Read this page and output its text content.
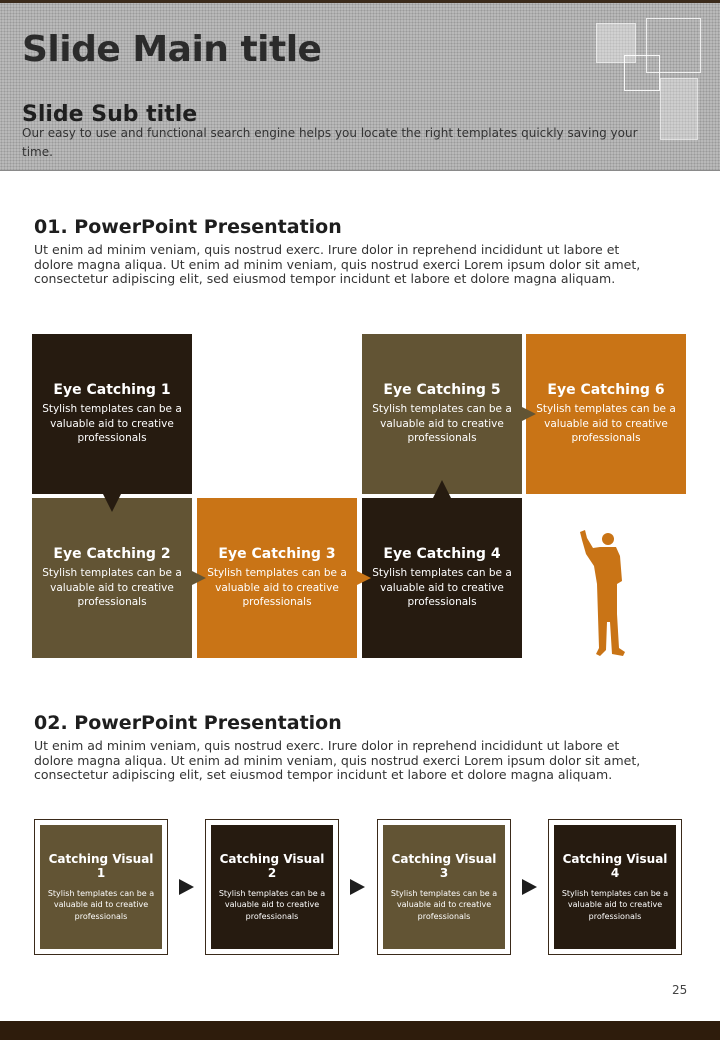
Slide Main title
Slide Sub title
Our easy to use and functional search engine helps you locate the right templates quickly saving your time.
01. PowerPoint Presentation
Ut enim ad minim veniam, quis nostrud exerc. Irure dolor in reprehend incididunt ut labore et dolore magna aliqua. Ut enim ad minim veniam, quis nostrud exerci Lorem ipsum dolor sit amet, consectetur adipiscing elit, sed eiusmod tempor incidunt et labore et dolore magna aliquam.
Eye Catching 1
Stylish templates can be a valuable aid to creative professionals
Eye Catching 2
Stylish templates can be a valuable aid to creative professionals
Eye Catching 3
Stylish templates can be a valuable aid to creative professionals
Eye Catching 4
Stylish templates can be a valuable aid to creative professionals
Eye Catching 5
Stylish templates can be a valuable aid to creative professionals
Eye Catching 6
Stylish templates can be a valuable aid to creative professionals
02. PowerPoint Presentation
Ut enim ad minim veniam, quis nostrud exerc. Irure dolor in reprehend incididunt ut labore et dolore magna aliqua. Ut enim ad minim veniam, quis nostrud exerci Lorem ipsum dolor sit amet, consectetur adipiscing elit, set eiusmod tempor incidunt et labore et dolore magna aliquam.
Catching Visual 1
Stylish templates can be a valuable aid to creative professionals
Catching Visual 2
Stylish templates can be a valuable aid to creative professionals
Catching Visual 3
Stylish templates can be a valuable aid to creative professionals
Catching Visual 4
Stylish templates can be a valuable aid to creative professionals
25
